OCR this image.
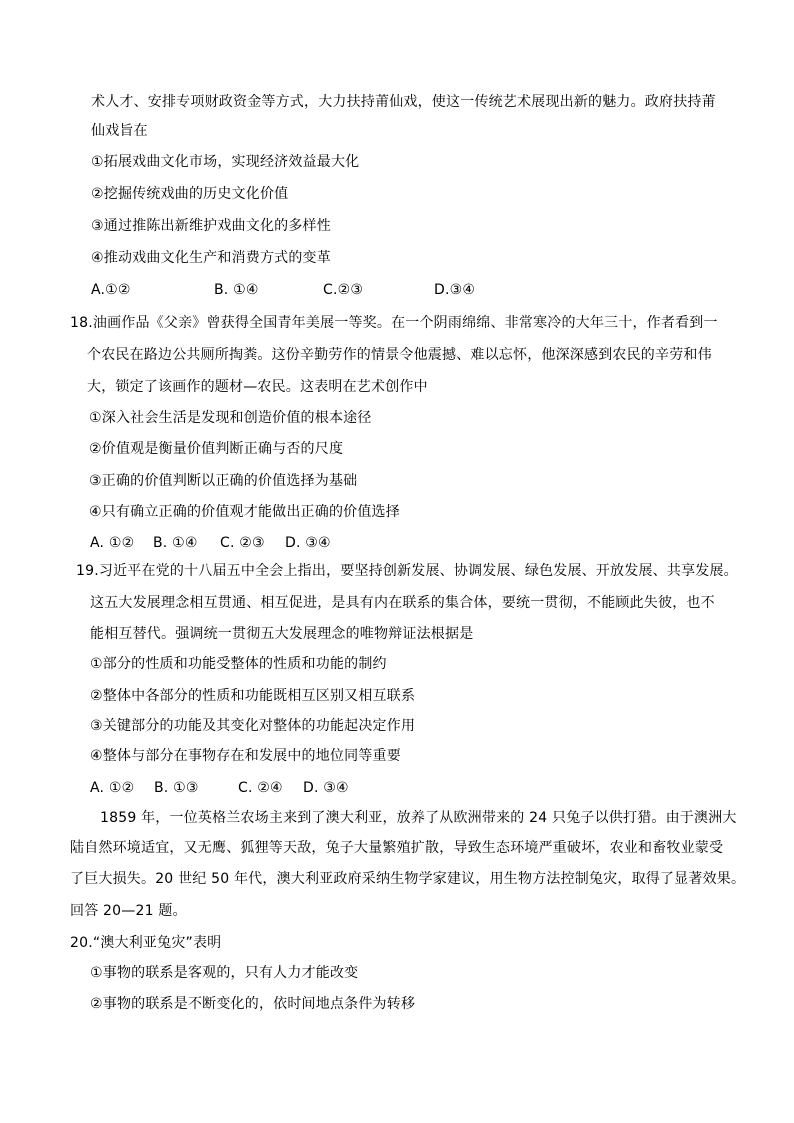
术人才、安排专项财政资金等方式，大力扶持莆仙戏，使这一传统艺术展现出新的魅力。政府扶持莆
仙戏旨在
①拓展戏曲文化市场，实现经济效益最大化
②挖掘传统戏曲的历史文化价值
③通过推陈出新维护戏曲文化的多样性
④推动戏曲文化生产和消费方式的变革
A.①②	B. ①④	C.②③	D.③④
18.油画作品《父亲》曾获得全国青年美展一等奖。在一个阴雨绵绵、非常寒冷的大年三十，作者看到一
个农民在路边公共厕所掏粪。这份辛勤劳作的情景令他震撼、难以忘怀，他深深感到农民的辛劳和伟
大，锁定了该画作的题材—农民。这表明在艺术创作中
①深入社会生活是发现和创造价值的根本途径
②价值观是衡量价值判断正确与否的尺度
③正确的价值判断以正确的价值选择为基础
④只有确立正确的价值观才能做出正确的价值选择
A. ①② B. ①④ C. ②③ D. ③④
19.习近平在党的十八届五中全会上指出，要坚持创新发展、协调发展、绿色发展、开放发展、共享发展。
这五大发展理念相互贯通、相互促进，是具有内在联系的集合体，要统一贯彻，不能顾此失彼，也不
能相互替代。强调统一贯彻五大发展理念的唯物辩证法根据是
①部分的性质和功能受整体的性质和功能的制约
②整体中各部分的性质和功能既相互区别又相互联系
③关键部分的功能及其变化对整体的功能起决定作用
④整体与部分在事物存在和发展中的地位同等重要
A. ①② B. ①③	C. ②④ D. ③④
1859 年，一位英格兰农场主来到了澳大利亚，放养了从欧洲带来的 24 只兔子以供打猎。由于澳洲大
陆自然环境适宜，又无鹰、狐狸等天敌，兔子大量繁殖扩散，导致生态环境严重破坏，农业和畜牧业蒙受
了巨大损失。20 世纪 50 年代，澳大利亚政府采纳生物学家建议，用生物方法控制兔灾，取得了显著效果。
回答 20—21 题。
20.“澳大利亚兔灾”表明
①事物的联系是客观的，只有人力才能改变
②事物的联系是不断变化的，依时间地点条件为转移
